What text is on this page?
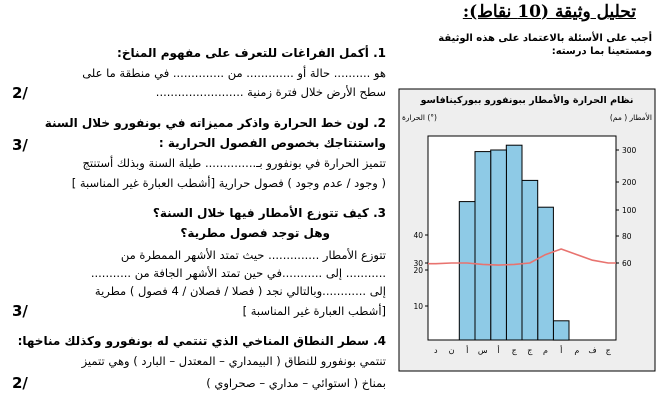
تحليل وثيقة (10 نقاط):
أجب على الأسئلة بالاعتماد على هذه الوثيقة ومستعينا بما درسته:
1. أكمل الفراغات للتعرف على مفهوم المناخ:
هو .......... حالة أو ............. من .............. في منطقة ما على
سطح الأرض خلال فترة زمنية ........................
2/
2. لون خط الحرارة واذكر مميزاته في بونفورو خلال السنة
واستنتاجك بخصوص الفصول الحرارية :
تتميز الحرارة في بونفورو بـ.............. طيلة السنة وبذلك أستنتج
( وجود / عدم وجود ) فصول حرارية [أشطب العبارة غير المناسبة ]
3/
3. كيف تتوزع الأمطار فيها خلال السنة؟
وهل توجد فصول مطرية؟
تتوزع الأمطار .............. حيث تمتد الأشهر الممطرة من
........... إلى ...........في حين تمتد الأشهر الجافة من ...........
إلى ............وبالتالي نجد ( فصلا / فصلان / 4 فصول ) مطرية
[أشطب العبارة غير المناسبة ]
3/
4. سطر النطاق المناخي الذي تنتمي له بونفورو وكذلك مناخها:
تنتمي بونفورو للنطاق ( البيمداري – المعتدل – البارد ) وهي تتميز
بمناخ ( استوائي – مداري – صحراوي )
2/
نظام الحرارة والأمطار ببونفورو ببوركينافاسو
الحرارة (°)	الأمطار ( مم)
10
20
30
40
60
80
100
200
300
ج
ف
م
أ
م
ج
ج
أ
س
أ
ن
د
